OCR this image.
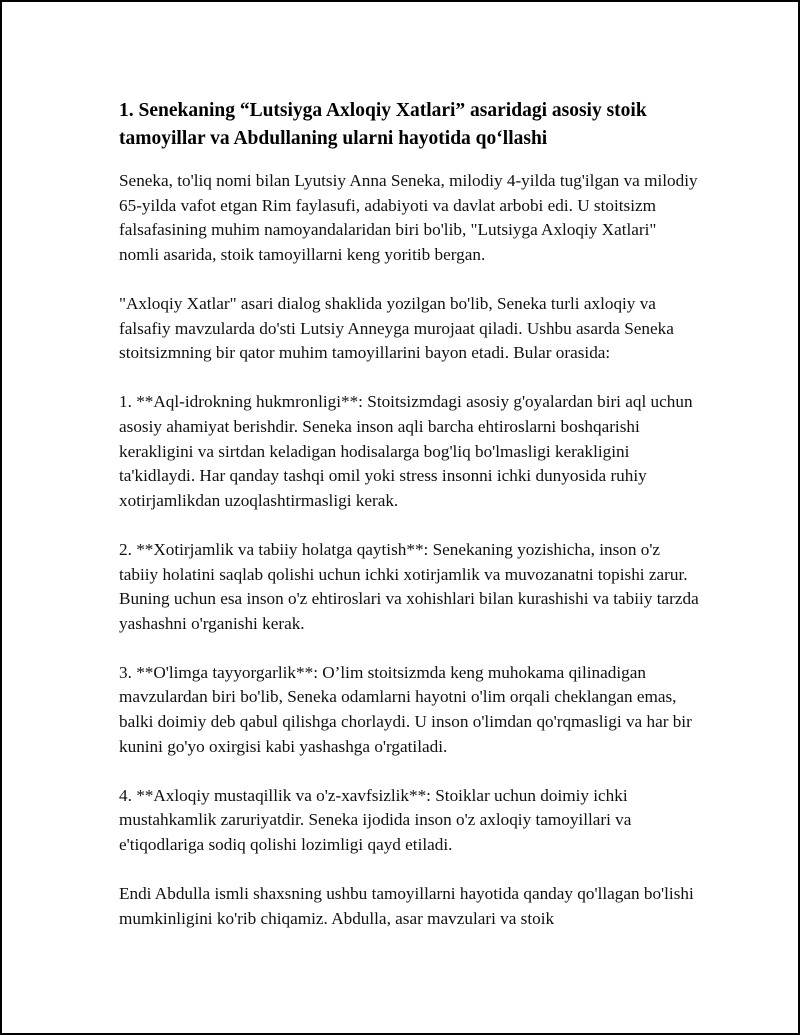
1. Senekaning “Lutsiyga Axloqiy Xatlari” asaridagi asosiy stoik tamoyillar va Abdullaning ularni hayotida qo‘llashi

Seneka, to'liq nomi bilan Lyutsiy Anna Seneka, milodiy 4-yilda tug'ilgan va milodiy 65-yilda vafot etgan Rim faylasufi, adabiyoti va davlat arbobi edi. U stoitsizm falsafasining muhim namoyandalaridan biri bo'lib, "Lutsiyga Axloqiy Xatlari" nomli asarida, stoik tamoyillarni keng yoritib bergan.

"Axloqiy Xatlar" asari dialog shaklida yozilgan bo'lib, Seneka turli axloqiy va falsafiy mavzularda do'sti Lutsiy Anneyga murojaat qiladi. Ushbu asarda Seneka stoitsizmning bir qator muhim tamoyillarini bayon etadi. Bular orasida:

1. **Aql-idrokning hukmronligi**: Stoitsizmdagi asosiy g'oyalardan biri aql uchun asosiy ahamiyat berishdir. Seneka inson aqli barcha ehtiroslarni boshqarishi kerakligini va sirtdan keladigan hodisalarga bog'liq bo'lmasligi kerakligini ta'kidlaydi. Har qanday tashqi omil yoki stress insonni ichki dunyosida ruhiy xotirjamlikdan uzoqlashtirmasligi kerak.

2. **Xotirjamlik va tabiiy holatga qaytish**: Senekaning yozishicha, inson o'z tabiiy holatini saqlab qolishi uchun ichki xotirjamlik va muvozanatni topishi zarur. Buning uchun esa inson o'z ehtiroslari va xohishlari bilan kurashishi va tabiiy tarzda yashashni o'rganishi kerak.

3. **O'limga tayyorgarlik**: O’lim stoitsizmda keng muhokama qilinadigan mavzulardan biri bo'lib, Seneka odamlarni hayotni o'lim orqali cheklangan emas, balki doimiy deb qabul qilishga chorlaydi. U inson o'limdan qo'rqmasligi va har bir kunini go'yo oxirgisi kabi yashashga o'rgatiladi.

4. **Axloqiy mustaqillik va o'z-xavfsizlik**: Stoiklar uchun doimiy ichki mustahkamlik zaruriyatdir. Seneka ijodida inson o'z axloqiy tamoyillari va e'tiqodlariga sodiq qolishi lozimligi qayd etiladi.

Endi Abdulla ismli shaxsning ushbu tamoyillarni hayotida qanday qo'llagan bo'lishi mumkinligini ko'rib chiqamiz. Abdulla, asar mavzulari va stoik
